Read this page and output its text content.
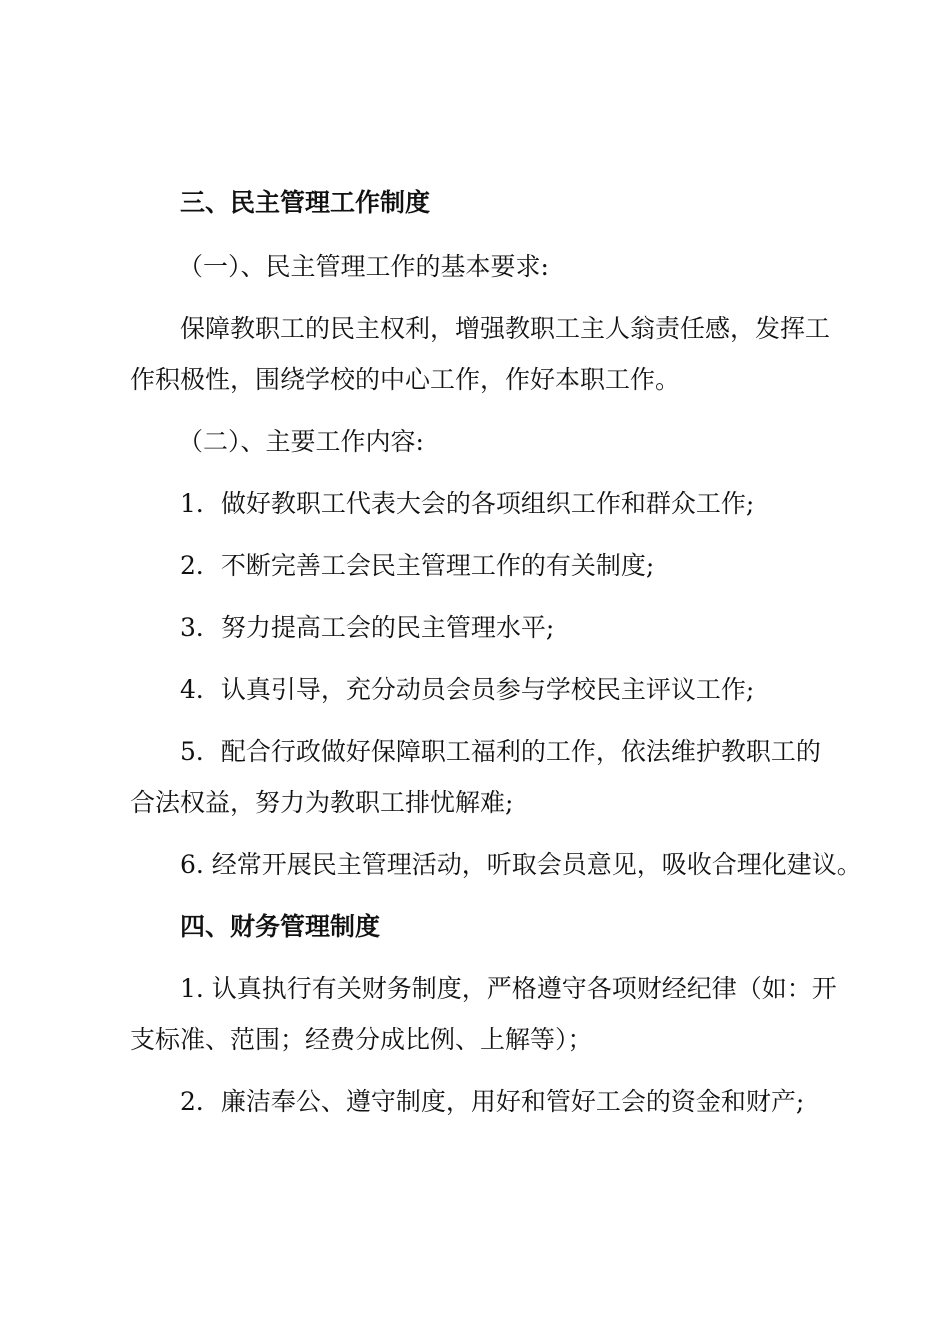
三、民主管理工作制度
（一）、民主管理工作的基本要求:
保障教职工的民主权利，增强教职工主人翁责任感，发挥工
作积极性，围绕学校的中心工作，作好本职工作。
（二）、主要工作内容:
1．做好教职工代表大会的各项组织工作和群众工作;
2．不断完善工会民主管理工作的有关制度;
3．努力提高工会的民主管理水平;
4．认真引导，充分动员会员参与学校民主评议工作;
5．配合行政做好保障职工福利的工作，依法维护教职工的
合法权益，努力为教职工排忧解难;
6. 经常开展民主管理活动，听取会员意见，吸收合理化建议。
四、财务管理制度
1. 认真执行有关财务制度，严格遵守各项财经纪律（如：开
支标准、范围；经费分成比例、上解等）；
2．廉洁奉公、遵守制度，用好和管好工会的资金和财产;
